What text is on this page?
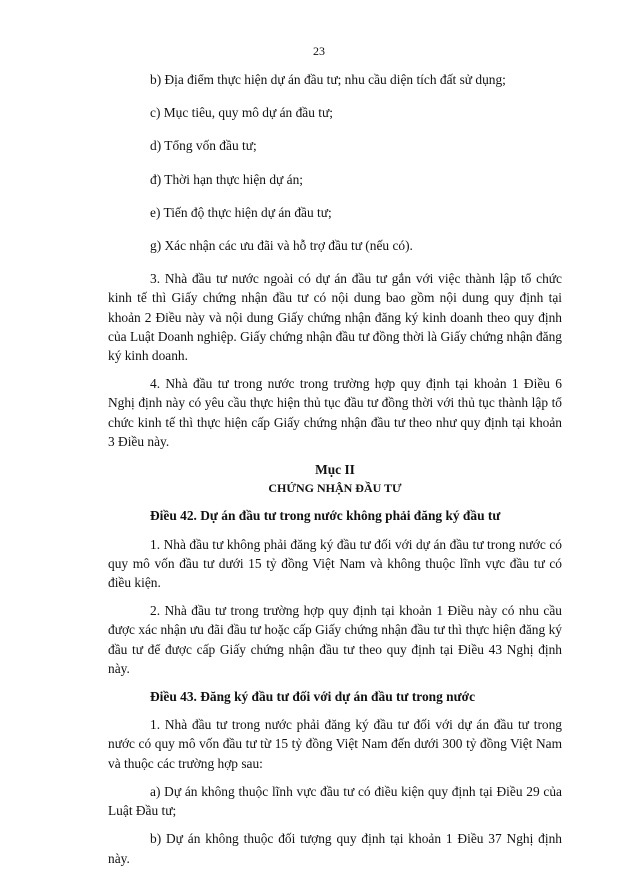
23

b) Địa điểm thực hiện dự án đầu tư; nhu cầu diện tích đất sử dụng;

c) Mục tiêu, quy mô dự án đầu tư;

d) Tổng vốn đầu tư;

đ) Thời hạn thực hiện dự án;

e) Tiến độ thực hiện dự án đầu tư;

g) Xác nhận các ưu đãi và hỗ trợ đầu tư (nếu có).

3. Nhà đầu tư nước ngoài có dự án đầu tư gắn với việc thành lập tổ chức kinh tế thì Giấy chứng nhận đầu tư có nội dung bao gồm nội dung quy định tại khoản 2 Điều này và nội dung Giấy chứng nhận đăng ký kinh doanh theo quy định của Luật Doanh nghiệp. Giấy chứng nhận đầu tư đồng thời là Giấy chứng nhận đăng ký kinh doanh.

4. Nhà đầu tư trong nước trong trường hợp quy định tại khoản 1 Điều 6 Nghị định này có yêu cầu thực hiện thủ tục đầu tư đồng thời với thủ tục thành lập tổ chức kinh tế thì thực hiện cấp Giấy chứng nhận đầu tư theo như quy định tại khoản 3 Điều này.

Mục II
CHỨNG NHẬN ĐẦU TƯ

Điều 42. Dự án đầu tư trong nước không phải đăng ký đầu tư

1. Nhà đầu tư không phải đăng ký đầu tư đối với dự án đầu tư trong nước có quy mô vốn đầu tư dưới 15 tỷ đồng Việt Nam và không thuộc lĩnh vực đầu tư có điều kiện.

2. Nhà đầu tư trong trường hợp quy định tại khoản 1 Điều này có nhu cầu được xác nhận ưu đãi đầu tư hoặc cấp Giấy chứng nhận đầu tư thì thực hiện đăng ký đầu tư để được cấp Giấy chứng nhận đầu tư theo quy định tại Điều 43 Nghị định này.

Điều 43. Đăng ký đầu tư đối với dự án đầu tư trong nước

1. Nhà đầu tư trong nước phải đăng ký đầu tư đối với dự án đầu tư trong nước có quy mô vốn đầu tư từ 15 tỷ đồng Việt Nam đến dưới 300 tỷ đồng Việt Nam và thuộc các trường hợp sau:

a) Dự án không thuộc lĩnh vực đầu tư có điều kiện quy định tại Điều 29 của Luật Đầu tư;

b) Dự án không thuộc đối tượng quy định tại khoản 1 Điều 37 Nghị định này.
